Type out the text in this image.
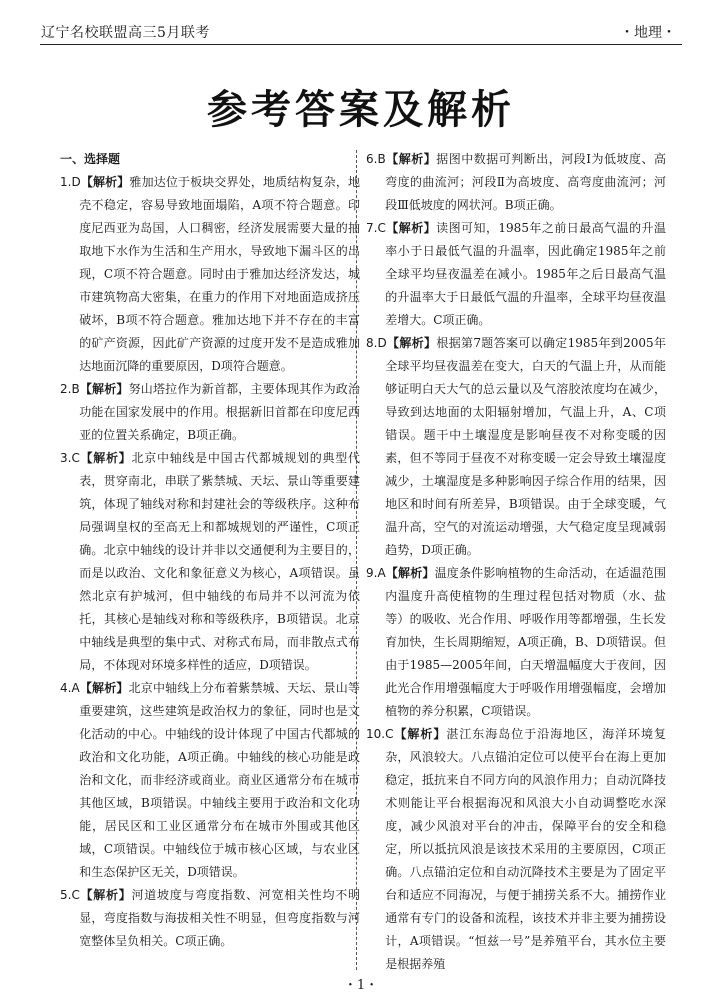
辽宁名校联盟高三5月联考	・地理・
参考答案及解析
一、选择题
1.D【解析】雅加达位于板块交界处，地质结构复杂，地壳不稳定，容易导致地面塌陷，A项不符合题意。印度尼西亚为岛国，人口稠密，经济发展需要大量的抽取地下水作为生活和生产用水，导致地下漏斗区的出现，C项不符合题意。同时由于雅加达经济发达，城市建筑物高大密集，在重力的作用下对地面造成挤压破坏，B项不符合题意。雅加达地下并不存在的丰富的矿产资源，因此矿产资源的过度开发不是造成雅加达地面沉降的重要原因，D项符合题意。
2.B【解析】努山塔拉作为新首都，主要体现其作为政治功能在国家发展中的作用。根据新旧首都在印度尼西亚的位置关系确定，B项正确。
3.C【解析】北京中轴线是中国古代都城规划的典型代表，贯穿南北，串联了紫禁城、天坛、景山等重要建筑，体现了轴线对称和封建社会的等级秩序。这种布局强调皇权的至高无上和都城规划的严谨性，C项正确。北京中轴线的设计并非以交通便利为主要目的，而是以政治、文化和象征意义为核心，A项错误。虽然北京有护城河，但中轴线的布局并不以河流为依托，其核心是轴线对称和等级秩序，B项错误。北京中轴线是典型的集中式、对称式布局，而非散点式布局，不体现对环境多样性的适应，D项错误。
4.A【解析】北京中轴线上分布着紫禁城、天坛、景山等重要建筑，这些建筑是政治权力的象征，同时也是文化活动的中心。中轴线的设计体现了中国古代都城的政治和文化功能，A项正确。中轴线的核心功能是政治和文化，而非经济或商业。商业区通常分布在城市其他区域，B项错误。中轴线主要用于政治和文化功能，居民区和工业区通常分布在城市外围或其他区域，C项错误。中轴线位于城市核心区域，与农业区和生态保护区无关，D项错误。
5.C【解析】河道坡度与弯度指数、河宽相关性均不明显，弯度指数与海拔相关性不明显，但弯度指数与河宽整体呈负相关。C项正确。
6.B【解析】据图中数据可判断出，河段Ⅰ为低坡度、高弯度的曲流河；河段Ⅱ为高坡度、高弯度曲流河；河段Ⅲ低坡度的网状河。B项正确。
7.C【解析】读图可知，1985年之前日最高气温的升温率小于日最低气温的升温率，因此确定1985年之前全球平均昼夜温差在减小。1985年之后日最高气温的升温率大于日最低气温的升温率，全球平均昼夜温差增大。C项正确。
8.D【解析】根据第7题答案可以确定1985年到2005年全球平均昼夜温差在变大，白天的气温上升，从而能够证明白天大气的总云量以及气溶胶浓度均在减少，导致到达地面的太阳辐射增加，气温上升，A、C项错误。题干中土壤湿度是影响昼夜不对称变暖的因素，但不等同于昼夜不对称变暖一定会导致土壤湿度减少，土壤湿度是多种影响因子综合作用的结果，因地区和时间有所差异，B项错误。由于全球变暖，气温升高，空气的对流运动增强，大气稳定度呈现减弱趋势，D项正确。
9.A【解析】温度条件影响植物的生命活动，在适温范围内温度升高使植物的生理过程包括对物质（水、盐等）的吸收、光合作用、呼吸作用等都增强，生长发育加快，生长周期缩短，A项正确，B、D项错误。但由于1985—2005年间，白天增温幅度大于夜间，因此光合作用增强幅度大于呼吸作用增强幅度，会增加植物的养分积累，C项错误。
10.C【解析】湛江东海岛位于沿海地区，海洋环境复杂，风浪较大。八点锚泊定位可以使平台在海上更加稳定，抵抗来自不同方向的风浪作用力；自动沉降技术则能让平台根据海况和风浪大小自动调整吃水深度，减少风浪对平台的冲击，保障平台的安全和稳定，所以抵抗风浪是该技术采用的主要原因，C项正确。八点锚泊定位和自动沉降技术主要是为了固定平台和适应不同海况，与便于捕捞关系不大。捕捞作业通常有专门的设备和流程，该技术并非主要为捕捞设计，A项错误。“恒兹一号”是养殖平台，其水位主要是根据养殖
・1・
